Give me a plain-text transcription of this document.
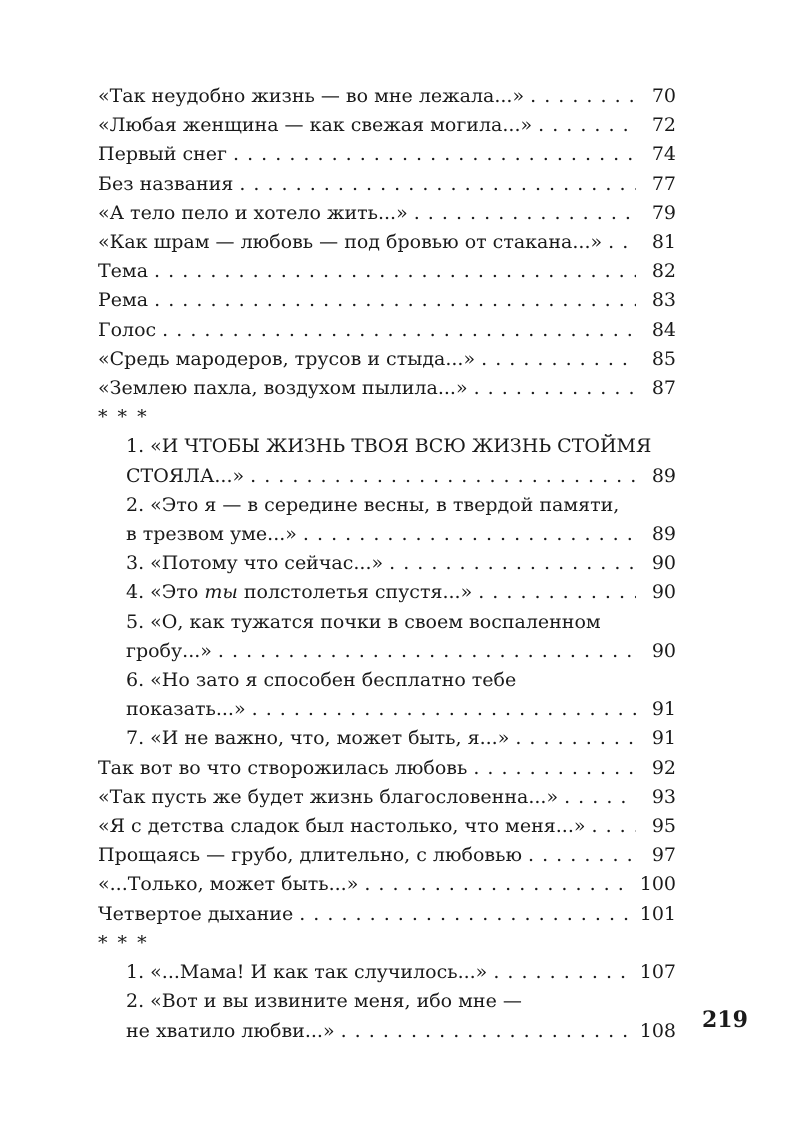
«Так неудобно жизнь — во мне лежала...» . . .	70
«Любая женщина — как свежая могила...» . . .	72
Первый снег . . .	74
Без названия . . .	77
«А тело пело и хотело жить...» . . .	79
«Как шрам — любовь — под бровью от стакана...» . . .	81
Тема . . .	82
Рема . . .	83
Голос . . .	84
«Средь мародеров, трусов и стыда...» . . .	85
«Землею пахла, воздухом пылила...» . . .	87
* * *
1. «И ЧТОБЫ ЖИЗНЬ ТВОЯ ВСЮ ЖИЗНЬ СТОЙМЯ
СТОЯЛА...» . . .	89
2. «Это я — в середине весны, в твердой памяти,
в трезвом уме...» . . .	89
3. «Потому что сейчас...» . . .	90
4. «Это ты полстолетья спустя...» . . .	90
5. «О, как тужатся почки в своем воспаленном
гробу...» . . .	90
6. «Но зато я способен бесплатно тебе
показать...» . . .	91
7. «И не важно, что, может быть, я...» . . .	91
Так вот во что створожилась любовь . . .	92
«Так пусть же будет жизнь благословенна...» . . .	93
«Я с детства сладок был настолько, что меня...» . . .	95
Прощаясь — грубо, длительно, с любовью . . .	97
«...Только, может быть...» . . .	100
Четвертое дыхание . . .	101
* * *
1. «...Мама! И как так случилось...» . . .	107
2. «Вот и вы извините меня, ибо мне —
не хватило любви...» . . .	108 219
